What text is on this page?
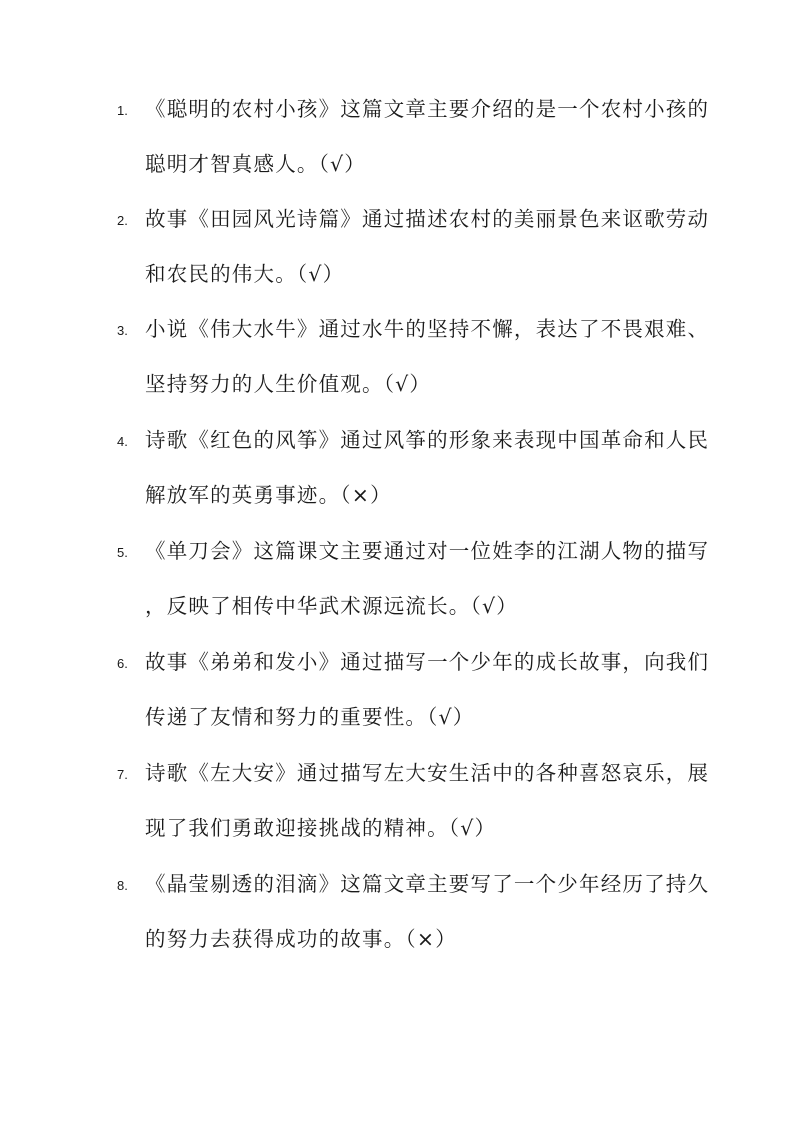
1. 《聪明的农村小孩》这篇文章主要介绍的是一个农村小孩的
聪明才智真感人。（√）
2. 故事《田园风光诗篇》通过描述农村的美丽景色来讴歌劳动
和农民的伟大。（√）
3. 小说《伟大水牛》通过水牛的坚持不懈，表达了不畏艰难、
坚持努力的人生价值观。（√）
4. 诗歌《红色的风筝》通过风筝的形象来表现中国革命和人民
解放军的英勇事迹。（×）
5. 《单刀会》这篇课文主要通过对一位姓李的江湖人物的描写
，反映了相传中华武术源远流长。（√）
6. 故事《弟弟和发小》通过描写一个少年的成长故事，向我们
传递了友情和努力的重要性。（√）
7. 诗歌《左大安》通过描写左大安生活中的各种喜怒哀乐，展
现了我们勇敢迎接挑战的精神。（√）
8. 《晶莹剔透的泪滴》这篇文章主要写了一个少年经历了持久
的努力去获得成功的故事。（×）
